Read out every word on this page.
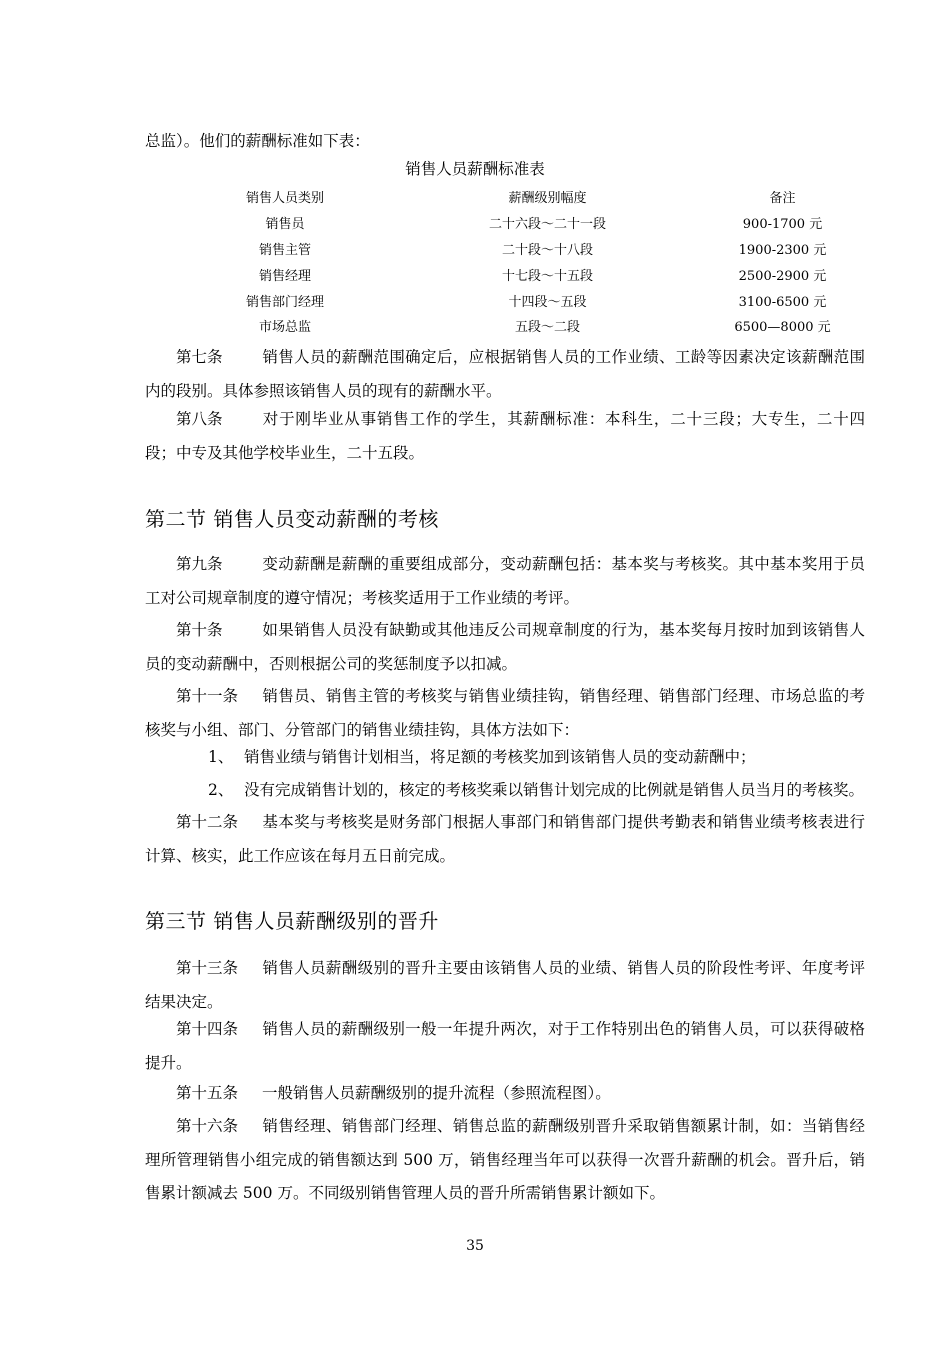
总监）。他们的薪酬标准如下表：
销售人员薪酬标准表
销售人员类别	薪酬级别幅度	备注
销售员	二十六段～二十一段	900-1700 元
销售主管	二十段～十八段	1900-2300 元
销售经理	十七段～十五段	2500-2900 元
销售部门经理	十四段～五段	3100-6500 元
市场总监	五段～二段	6500—8000 元
第七条	销售人员的薪酬范围确定后，应根据销售人员的工作业绩、工龄等因素决定该薪酬范围内的段别。具体参照该销售人员的现有的薪酬水平。
第八条	对于刚毕业从事销售工作的学生，其薪酬标准：本科生，二十三段；大专生，二十四段；中专及其他学校毕业生，二十五段。
第二节 销售人员变动薪酬的考核
第九条	变动薪酬是薪酬的重要组成部分，变动薪酬包括：基本奖与考核奖。其中基本奖用于员工对公司规章制度的遵守情况；考核奖适用于工作业绩的考评。
第十条	如果销售人员没有缺勤或其他违反公司规章制度的行为，基本奖每月按时加到该销售人员的变动薪酬中，否则根据公司的奖惩制度予以扣减。
第十一条 销售员、销售主管的考核奖与销售业绩挂钩，销售经理、销售部门经理、市场总监的考核奖与小组、部门、分管部门的销售业绩挂钩，具体方法如下：
1、 销售业绩与销售计划相当，将足额的考核奖加到该销售人员的变动薪酬中；
2、 没有完成销售计划的，核定的考核奖乘以销售计划完成的比例就是销售人员当月的考核奖。
第十二条 基本奖与考核奖是财务部门根据人事部门和销售部门提供考勤表和销售业绩考核表进行计算、核实，此工作应该在每月五日前完成。
第三节 销售人员薪酬级别的晋升
第十三条 销售人员薪酬级别的晋升主要由该销售人员的业绩、销售人员的阶段性考评、年度考评结果决定。
第十四条 销售人员的薪酬级别一般一年提升两次，对于工作特别出色的销售人员，可以获得破格提升。
第十五条 一般销售人员薪酬级别的提升流程（参照流程图）。
第十六条 销售经理、销售部门经理、销售总监的薪酬级别晋升采取销售额累计制，如：当销售经理所管理销售小组完成的销售额达到 500 万，销售经理当年可以获得一次晋升薪酬的机会。晋升后，销售累计额减去 500 万。不同级别销售管理人员的晋升所需销售累计额如下。
35
